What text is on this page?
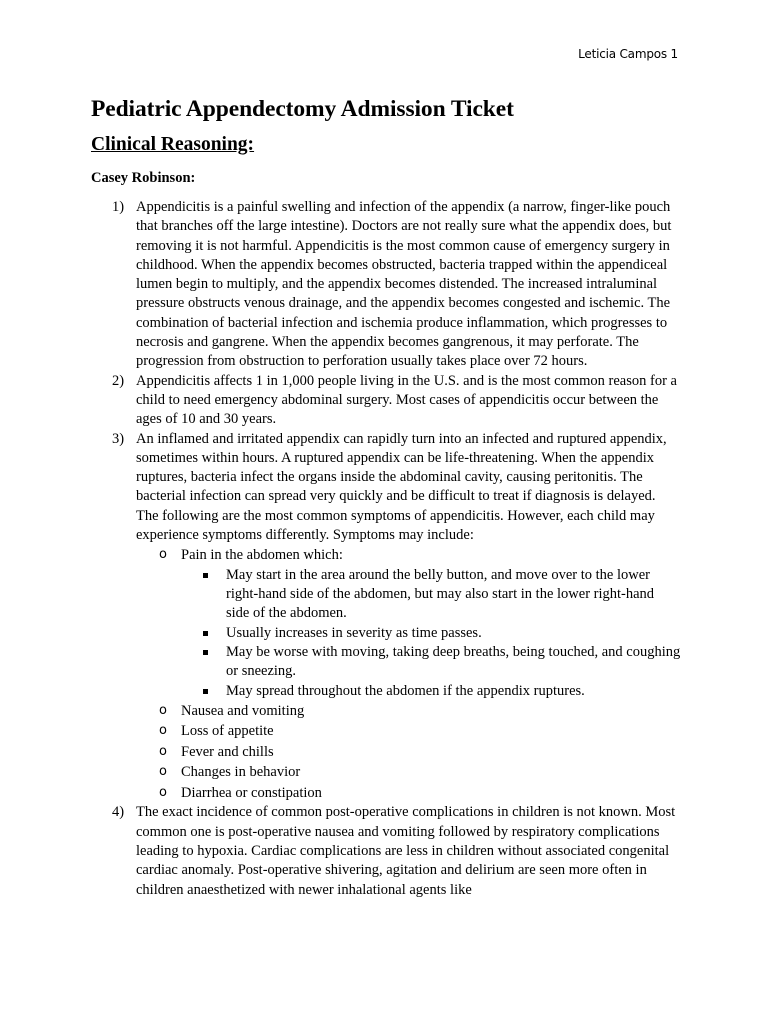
Leticia Campos 1
Pediatric Appendectomy Admission Ticket
Clinical Reasoning:

Casey Robinson:

1) Appendicitis is a painful swelling and infection of the appendix (a narrow, finger-like pouch that branches off the large intestine). Doctors are not really sure what the appendix does, but removing it is not harmful. Appendicitis is the most common cause of emergency surgery in childhood. When the appendix becomes obstructed, bacteria trapped within the appendiceal lumen begin to multiply, and the appendix becomes distended. The increased intraluminal pressure obstructs venous drainage, and the appendix becomes congested and ischemic. The combination of bacterial infection and ischemia produce inflammation, which progresses to necrosis and gangrene. When the appendix becomes gangrenous, it may perforate. The progression from obstruction to perforation usually takes place over 72 hours.
2) Appendicitis affects 1 in 1,000 people living in the U.S. and is the most common reason for a child to need emergency abdominal surgery. Most cases of appendicitis occur between the ages of 10 and 30 years.
3) An inflamed and irritated appendix can rapidly turn into an infected and ruptured appendix, sometimes within hours. A ruptured appendix can be life-threatening. When the appendix ruptures, bacteria infect the organs inside the abdominal cavity, causing peritonitis. The bacterial infection can spread very quickly and be difficult to treat if diagnosis is delayed. The following are the most common symptoms of appendicitis. However, each child may experience symptoms differently. Symptoms may include:
o Pain in the abdomen which:
May start in the area around the belly button, and move over to the lower right-hand side of the abdomen, but may also start in the lower right-hand side of the abdomen.
Usually increases in severity as time passes.
May be worse with moving, taking deep breaths, being touched, and coughing or sneezing.
May spread throughout the abdomen if the appendix ruptures.
o Nausea and vomiting
o Loss of appetite
o Fever and chills
o Changes in behavior
o Diarrhea or constipation
4) The exact incidence of common post-operative complications in children is not known. Most common one is post-operative nausea and vomiting followed by respiratory complications leading to hypoxia. Cardiac complications are less in children without associated congenital cardiac anomaly. Post-operative shivering, agitation and delirium are seen more often in children anaesthetized with newer inhalational agents like
